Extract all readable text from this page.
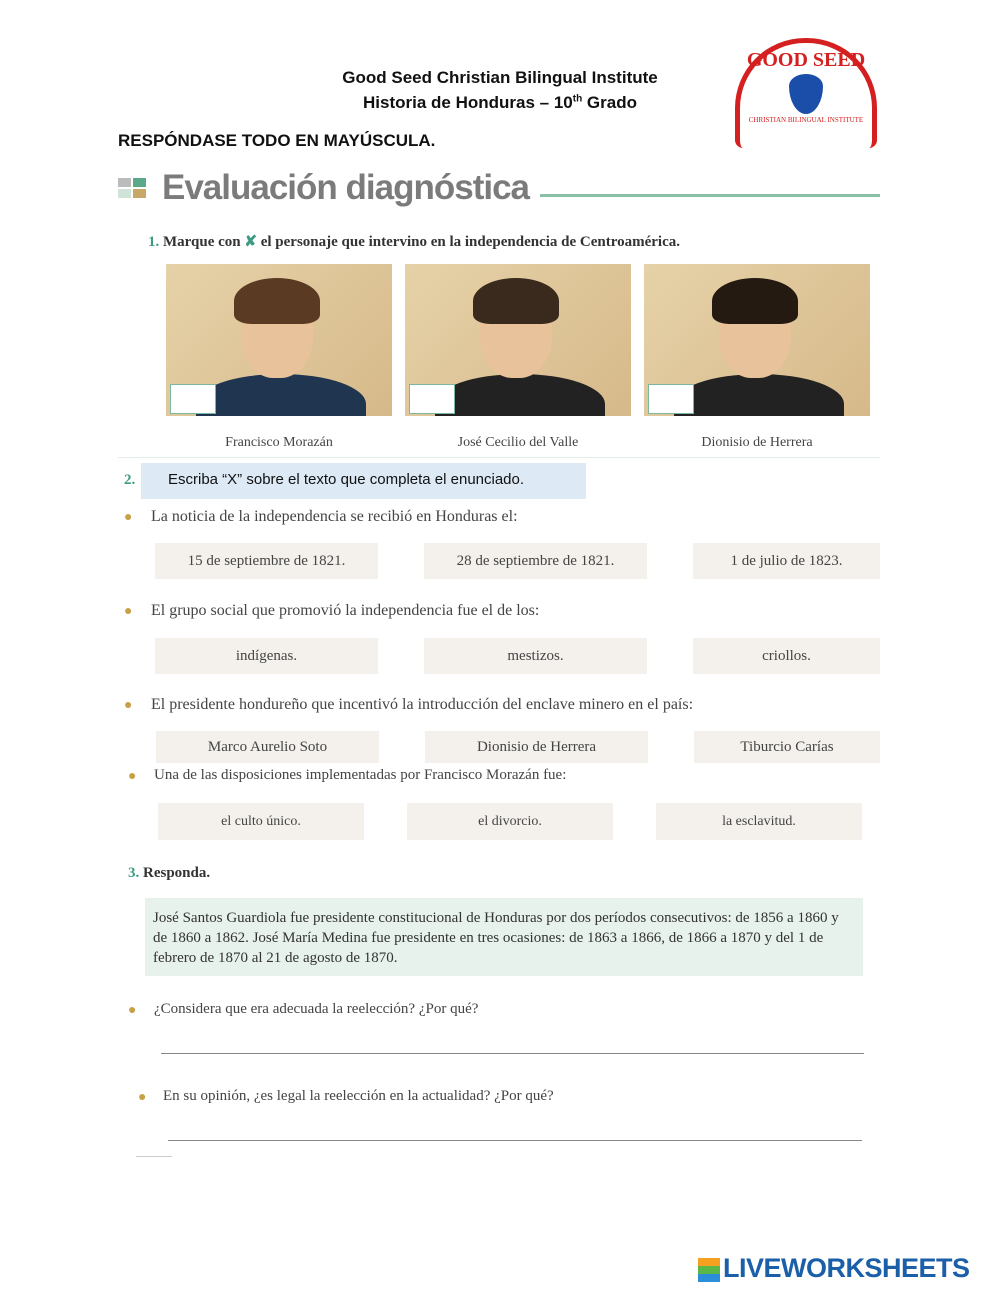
Good Seed Christian Bilingual Institute
Historia de Honduras – 10th Grado
RESPÓNDASE TODO EN MAYÚSCULA.
GOOD SEED
CHRISTIAN BILINGUAL INSTITUTE
Evaluación diagnóstica
1. Marque con ✘ el personaje que intervino en la independencia de Centroamérica.
Francisco Morazán	José Cecilio del Valle	Dionisio de Herrera
2.	Escriba “X” sobre el texto que completa el enunciado.
● La noticia de la independencia se recibió en Honduras el:
15 de septiembre de 1821.	28 de septiembre de 1821.	1 de julio de 1823.
● El grupo social que promovió la independencia fue el de los:
indígenas.	mestizos.	criollos.
● El presidente hondureño que incentivó la introducción del enclave minero en el país:
Marco Aurelio Soto	Dionisio de Herrera	Tiburcio Carías
● Una de las disposiciones implementadas por Francisco Morazán fue:
el culto único.	el divorcio.	la esclavitud.
3. Responda.
José Santos Guardiola fue presidente constitucional de Honduras por dos períodos consecutivos: de 1856 a 1860 y de 1860 a 1862. José María Medina fue presidente en tres ocasiones: de 1863 a 1866, de 1866 a 1870 y del 1 de febrero de 1870 al 21 de agosto de 1870.
● ¿Considera que era adecuada la reelección? ¿Por qué?
● En su opinión, ¿es legal la reelección en la actualidad? ¿Por qué?
LIVEWORKSHEETS
